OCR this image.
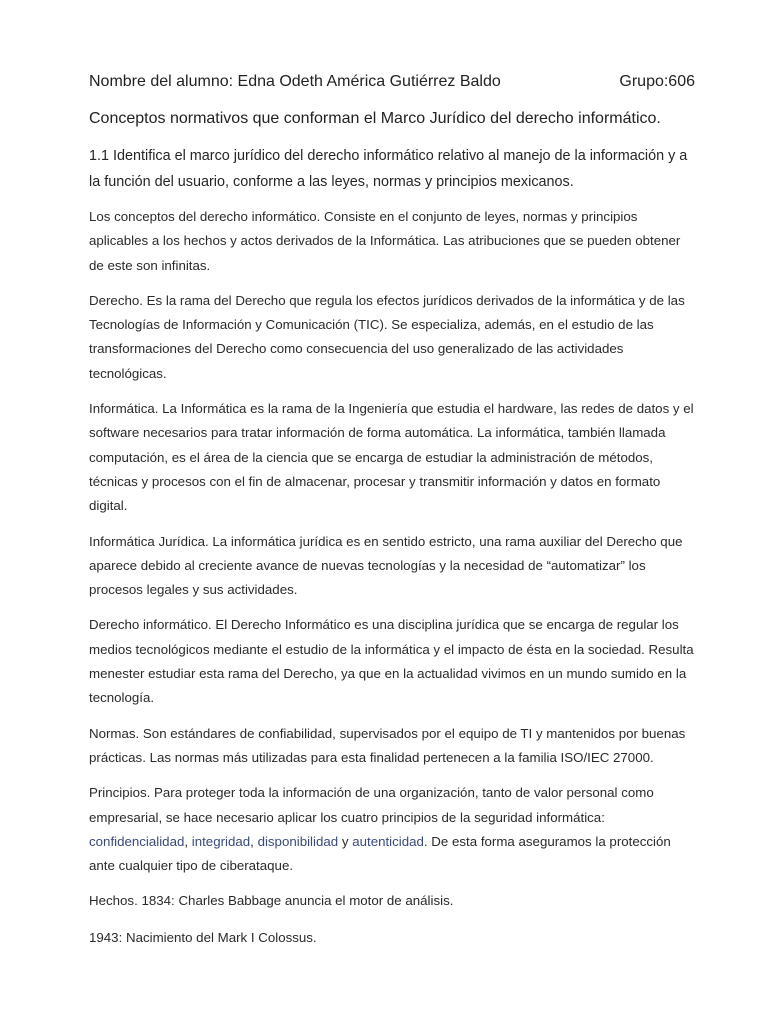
Nombre del alumno: Edna Odeth América Gutiérrez Baldo	Grupo:606
Conceptos normativos que conforman el Marco Jurídico del derecho informático.
1.1 Identifica el marco jurídico del derecho informático relativo al manejo de la información y a la función del usuario, conforme a las leyes, normas y principios mexicanos.

Los conceptos del derecho informático. Consiste en el conjunto de leyes, normas y principios aplicables a los hechos y actos derivados de la Informática. Las atribuciones que se pueden obtener de este son infinitas.

Derecho. Es la rama del Derecho que regula los efectos jurídicos derivados de la informática y de las Tecnologías de Información y Comunicación (TIC). Se especializa, además, en el estudio de las transformaciones del Derecho como consecuencia del uso generalizado de las actividades tecnológicas.

Informática. La Informática es la rama de la Ingeniería que estudia el hardware, las redes de datos y el software necesarios para tratar información de forma automática. La informática, también llamada computación, es el área de la ciencia que se encarga de estudiar la administración de métodos, técnicas y procesos con el fin de almacenar, procesar y transmitir información y datos en formato digital.

Informática Jurídica. La informática jurídica es en sentido estricto, una rama auxiliar del Derecho que aparece debido al creciente avance de nuevas tecnologías y la necesidad de “automatizar” los procesos legales y sus actividades.

Derecho informático. El Derecho Informático es una disciplina jurídica que se encarga de regular los medios tecnológicos mediante el estudio de la informática y el impacto de ésta en la sociedad. Resulta menester estudiar esta rama del Derecho, ya que en la actualidad vivimos en un mundo sumido en la tecnología.

Normas. Son estándares de confiabilidad, supervisados por el equipo de TI y mantenidos por buenas prácticas. Las normas más utilizadas para esta finalidad pertenecen a la familia ISO/IEC 27000.

Principios. Para proteger toda la información de una organización, tanto de valor personal como empresarial, se hace necesario aplicar los cuatro principios de la seguridad informática: confidencialidad, integridad, disponibilidad y autenticidad. De esta forma aseguramos la protección ante cualquier tipo de ciberataque.

Hechos. 1834: Charles Babbage anuncia el motor de análisis.

1943: Nacimiento del Mark I Colossus.
